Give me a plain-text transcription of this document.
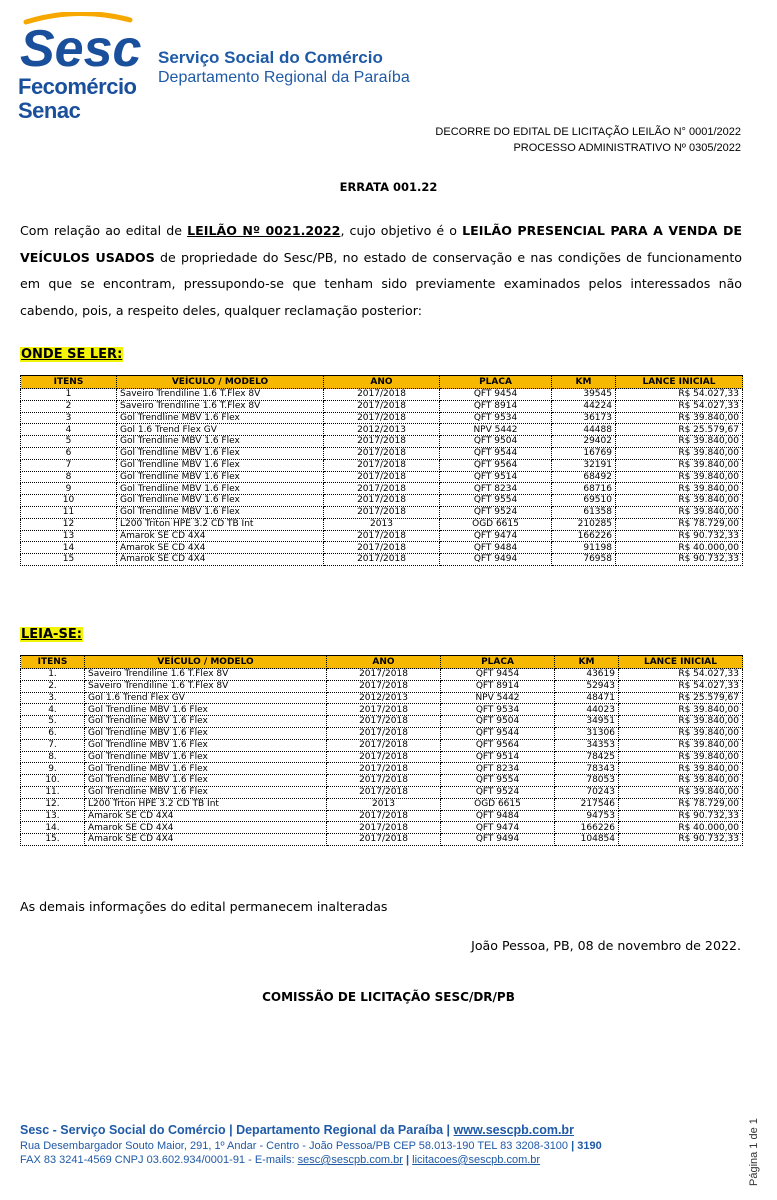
Sesc
Fecomércio
Senac
Serviço Social do Comércio
Departamento Regional da Paraíba
DECORRE DO EDITAL DE LICITAÇÃO LEILÃO N° 0001/2022
PROCESSO ADMINISTRATIVO Nº 0305/2022
ERRATA 001.22
Com relação ao edital de LEILÃO Nº 0021.2022, cujo objetivo é o LEILÃO PRESENCIAL PARA A VENDA DE VEÍCULOS USADOS de propriedade do Sesc/PB, no estado de conservação e nas condições de funcionamento em que se encontram, pressupondo-se que tenham sido previamente examinados pelos interessados não cabendo, pois, a respeito deles, qualquer reclamação posterior:
ONDE SE LER:
ITENS	VEÍCULO / MODELO	ANO	PLACA	KM	LANCE INICIAL
1	Saveiro Trendiline 1.6 T.Flex 8V	2017/2018	QFT 9454	39545	R$ 54.027,33
2	Saveiro Trendiline 1.6 T.Flex 8V	2017/2018	QFT 8914	44224	R$ 54.027,33
3	Gol Trendline MBV 1.6 Flex	2017/2018	QFT 9534	36173	R$ 39.840,00
4	Gol 1.6 Trend Flex GV	2012/2013	NPV 5442	44488	R$ 25.579,67
5	Gol Trendline MBV 1.6 Flex	2017/2018	QFT 9504	29402	R$ 39.840,00
6	Gol Trendline MBV 1.6 Flex	2017/2018	QFT 9544	16769	R$ 39.840,00
7	Gol Trendline MBV 1.6 Flex	2017/2018	QFT 9564	32191	R$ 39.840,00
8	Gol Trendline MBV 1.6 Flex	2017/2018	QFT 9514	68492	R$ 39.840,00
9	Gol Trendline MBV 1.6 Flex	2017/2018	QFT 8234	68716	R$ 39.840,00
10	Gol Trendline MBV 1.6 Flex	2017/2018	QFT 9554	69510	R$ 39.840,00
11	Gol Trendline MBV 1.6 Flex	2017/2018	QFT 9524	61358	R$ 39.840,00
12	L200 Triton HPE 3.2 CD TB Int	2013	OGD 6615	210285	R$ 78.729,00
13	Amarok SE CD 4X4	2017/2018	QFT 9474	166226	R$ 90.732,33
14	Amarok SE CD 4X4	2017/2018	QFT 9484	91198	R$ 40.000,00
15	Amarok SE CD 4X4	2017/2018	QFT 9494	76958	R$ 90.732,33
LEIA-SE:
ITENS	VEÍCULO / MODELO	ANO	PLACA	KM	LANCE INICIAL
1.	Saveiro Trendiline 1.6 T.Flex 8V	2017/2018	QFT 9454	43619	R$ 54.027,33
2.	Saveiro Trendiline 1.6 T.Flex 8V	2017/2018	QFT 8914	52943	R$ 54.027,33
3.	Gol 1.6 Trend Flex GV	2012/2013	NPV 5442	48471	R$ 25.579,67
4.	Gol Trendline MBV 1.6 Flex	2017/2018	QFT 9534	44023	R$ 39.840,00
5.	Gol Trendline MBV 1.6 Flex	2017/2018	QFT 9504	34951	R$ 39.840,00
6.	Gol Trendline MBV 1.6 Flex	2017/2018	QFT 9544	31306	R$ 39.840,00
7.	Gol Trendline MBV 1.6 Flex	2017/2018	QFT 9564	34353	R$ 39.840,00
8.	Gol Trendline MBV 1.6 Flex	2017/2018	QFT 9514	78425	R$ 39.840,00
9.	Gol Trendline MBV 1.6 Flex	2017/2018	QFT 8234	78343	R$ 39.840,00
10.	Gol Trendline MBV 1.6 Flex	2017/2018	QFT 9554	78053	R$ 39.840,00
11.	Gol Trendline MBV 1.6 Flex	2017/2018	QFT 9524	70243	R$ 39.840,00
12.	L200 Trton HPE 3.2 CD TB Int	2013	OGD 6615	217546	R$ 78.729,00
13.	Amarok SE CD 4X4	2017/2018	QFT 9484	94753	R$ 90.732,33
14.	Amarok SE CD 4X4	2017/2018	QFT 9474	166226	R$ 40.000,00
15.	Amarok SE CD 4X4	2017/2018	QFT 9494	104854	R$ 90.732,33
As demais informações do edital permanecem inalteradas
João Pessoa, PB, 08 de novembro de 2022.
COMISSÃO DE LICITAÇÃO SESC/DR/PB
Sesc - Serviço Social do Comércio | Departamento Regional da Paraíba | www.sescpb.com.br
Rua Desembargador Souto Maior, 291, 1º Andar - Centro - João Pessoa/PB CEP 58.013-190 TEL 83 3208-3100 | 3190
FAX 83 3241-4569 CNPJ 03.602.934/0001-91 - E-mails: sesc@sescpb.com.br | licitacoes@sescpb.com.br	Página 1 de 1
